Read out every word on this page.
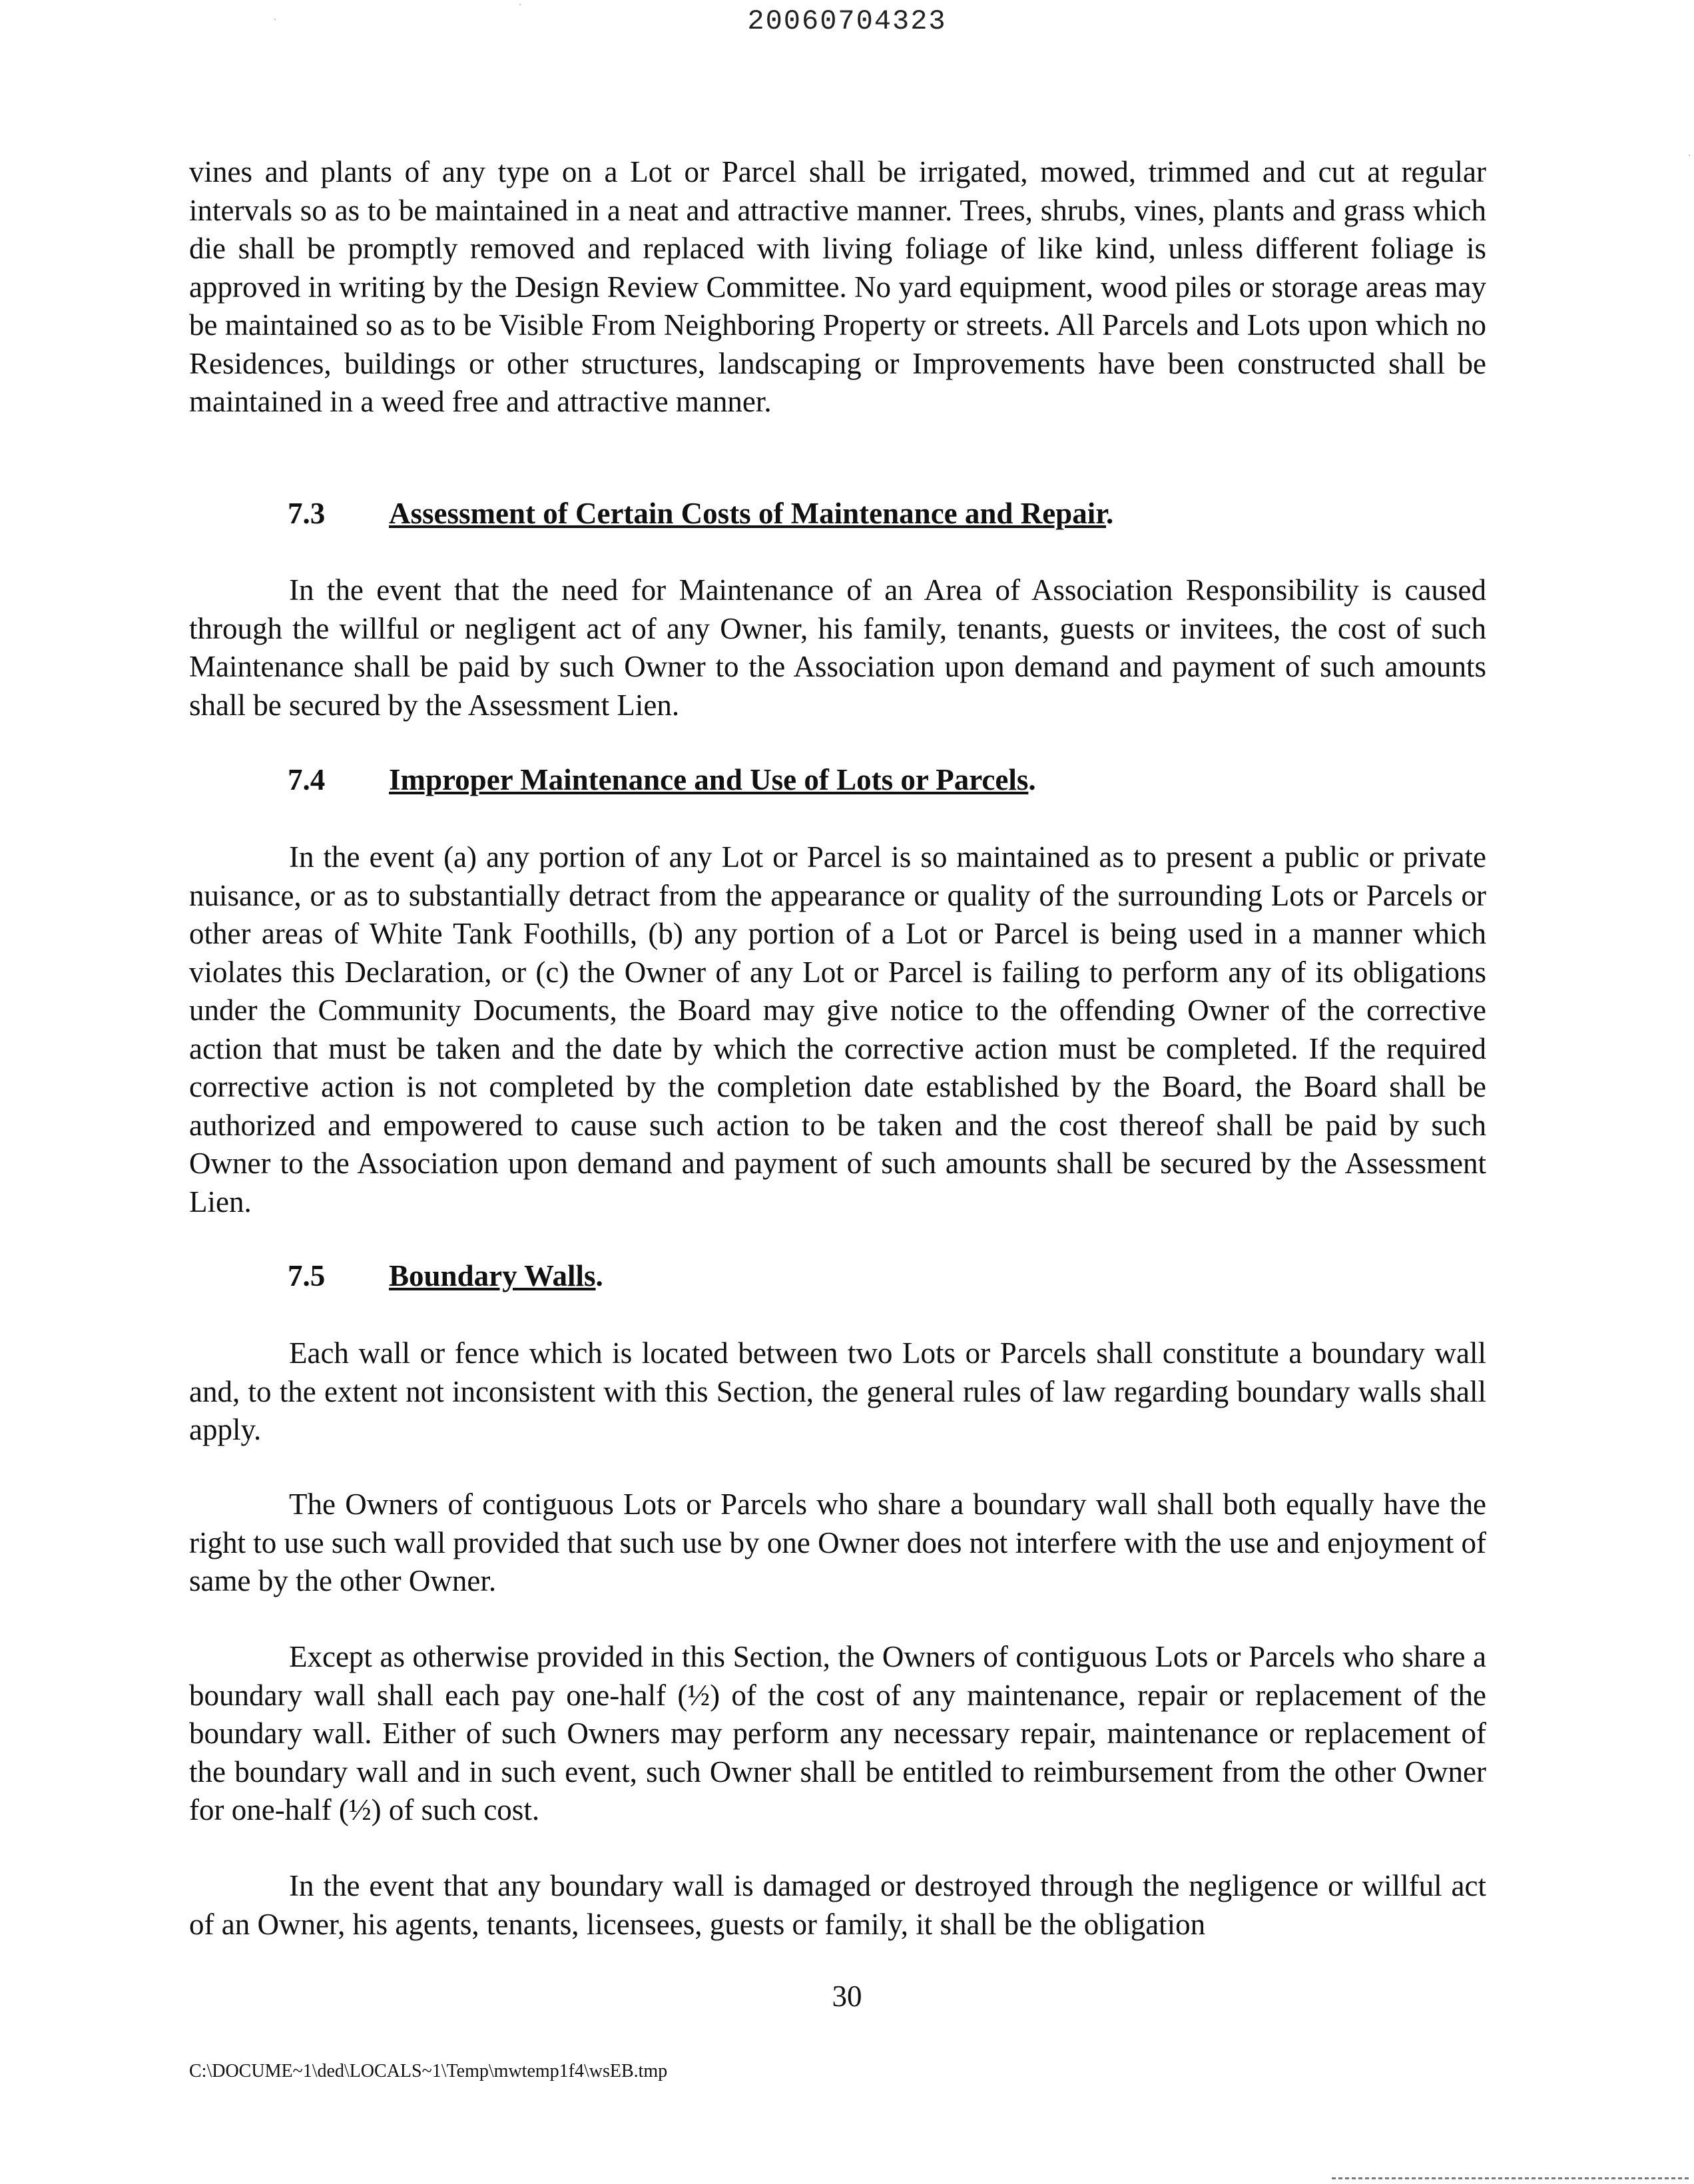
20060704323

vines and plants of any type on a Lot or Parcel shall be irrigated, mowed, trimmed and cut at regular intervals so as to be maintained in a neat and attractive manner. Trees, shrubs, vines, plants and grass which die shall be promptly removed and replaced with living foliage of like kind, unless different foliage is approved in writing by the Design Review Committee. No yard equipment, wood piles or storage areas may be maintained so as to be Visible From Neighboring Property or streets. All Parcels and Lots upon which no Residences, buildings or other structures, landscaping or Improvements have been constructed shall be maintained in a weed free and attractive manner.

7.3 Assessment of Certain Costs of Maintenance and Repair.

In the event that the need for Maintenance of an Area of Association Responsibility is caused through the willful or negligent act of any Owner, his family, tenants, guests or invitees, the cost of such Maintenance shall be paid by such Owner to the Association upon demand and payment of such amounts shall be secured by the Assessment Lien.

7.4 Improper Maintenance and Use of Lots or Parcels.

In the event (a) any portion of any Lot or Parcel is so maintained as to present a public or private nuisance, or as to substantially detract from the appearance or quality of the surrounding Lots or Parcels or other areas of White Tank Foothills, (b) any portion of a Lot or Parcel is being used in a manner which violates this Declaration, or (c) the Owner of any Lot or Parcel is failing to perform any of its obligations under the Community Documents, the Board may give notice to the offending Owner of the corrective action that must be taken and the date by which the corrective action must be completed. If the required corrective action is not completed by the completion date established by the Board, the Board shall be authorized and empowered to cause such action to be taken and the cost thereof shall be paid by such Owner to the Association upon demand and payment of such amounts shall be secured by the Assessment Lien.

7.5 Boundary Walls.

Each wall or fence which is located between two Lots or Parcels shall constitute a boundary wall and, to the extent not inconsistent with this Section, the general rules of law regarding boundary walls shall apply.

The Owners of contiguous Lots or Parcels who share a boundary wall shall both equally have the right to use such wall provided that such use by one Owner does not interfere with the use and enjoyment of same by the other Owner.

Except as otherwise provided in this Section, the Owners of contiguous Lots or Parcels who share a boundary wall shall each pay one-half (½) of the cost of any maintenance, repair or replacement of the boundary wall. Either of such Owners may perform any necessary repair, maintenance or replacement of the boundary wall and in such event, such Owner shall be entitled to reimbursement from the other Owner for one-half (½) of such cost.

In the event that any boundary wall is damaged or destroyed through the negligence or willful act of an Owner, his agents, tenants, licensees, guests or family, it shall be the obligation

30
C:\DOCUME~1\ded\LOCALS~1\Temp\mwtemp1f4\wsEB.tmp
